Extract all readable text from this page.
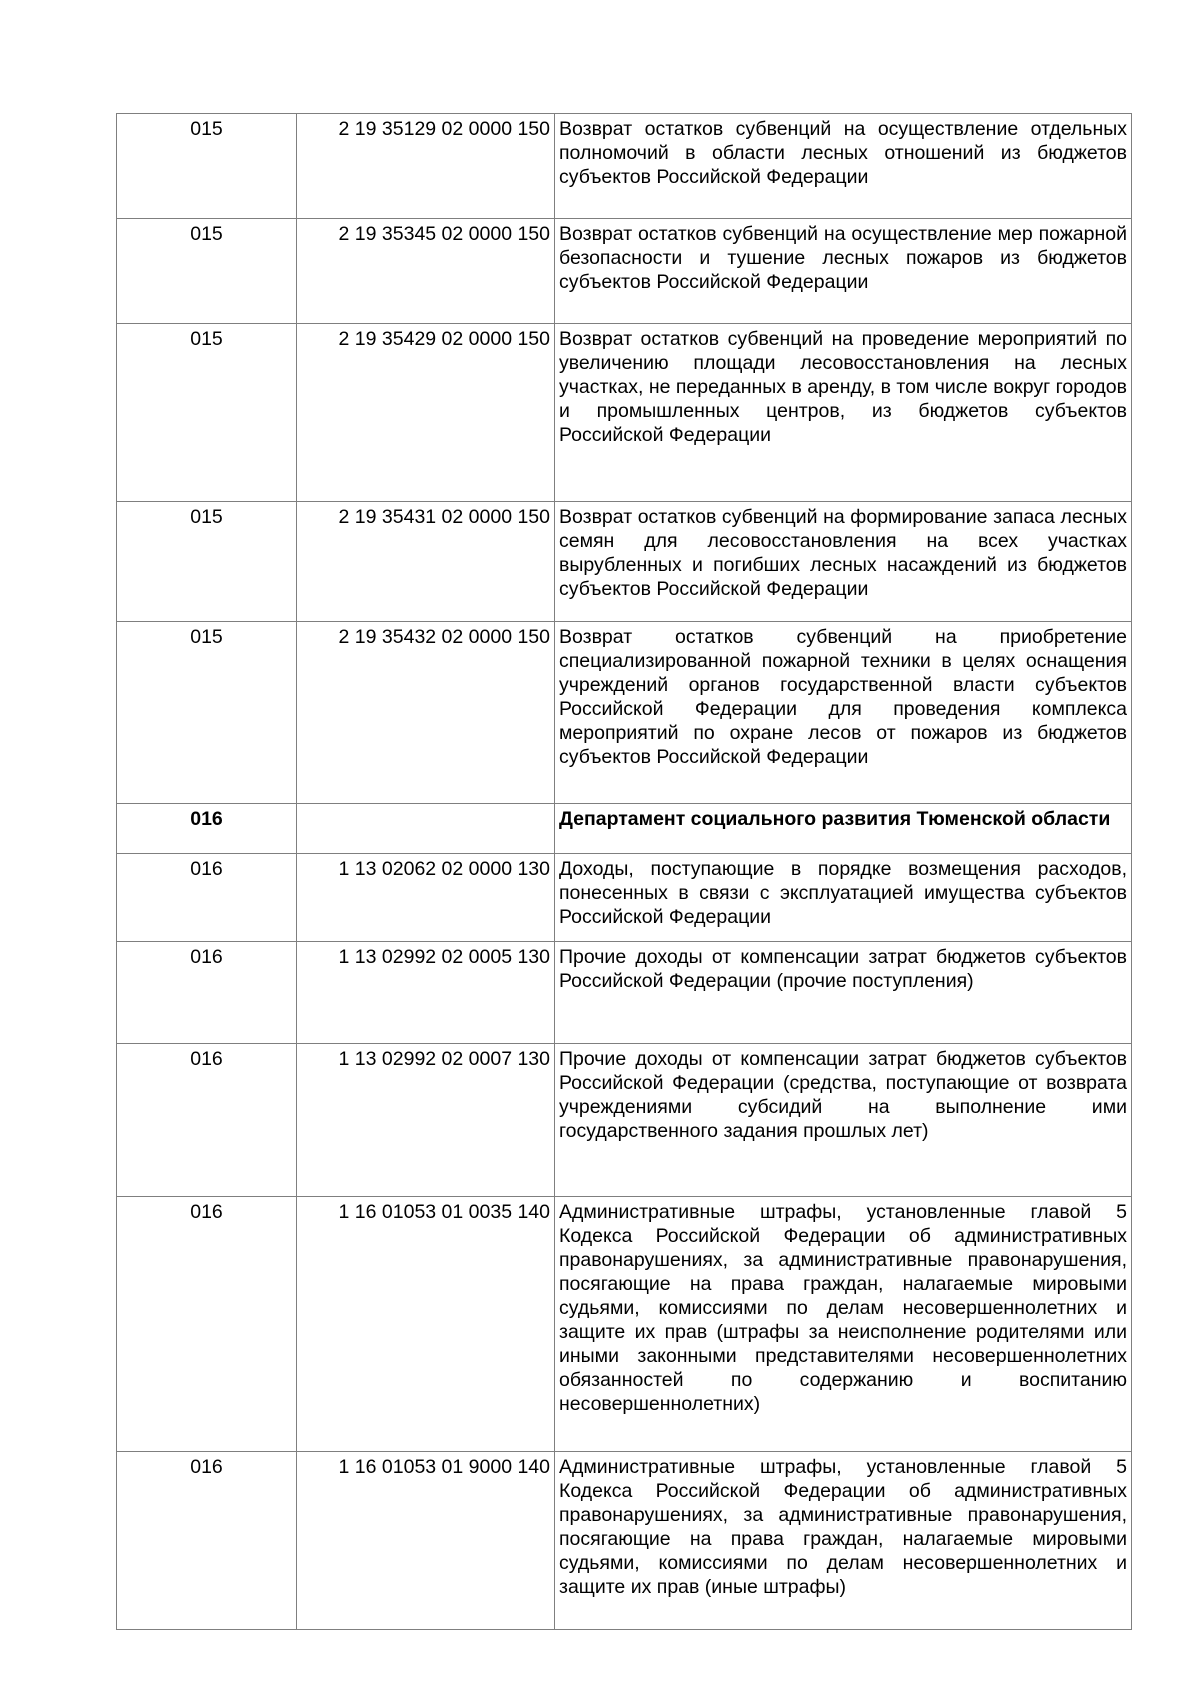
015	2 19 35129 02 0000 150	Возврат остатков субвенций на осуществление отдельных полномочий в области лесных отношений из бюджетов субъектов Российской Федерации
015	2 19 35345 02 0000 150	Возврат остатков субвенций на осуществление мер пожарной безопасности и тушение лесных пожаров из бюджетов субъектов Российской Федерации
015	2 19 35429 02 0000 150	Возврат остатков субвенций на проведение мероприятий по увеличению площади лесовосстановления на лесных участках, не переданных в аренду, в том числе вокруг городов и промышленных центров, из бюджетов субъектов Российской Федерации
015	2 19 35431 02 0000 150	Возврат остатков субвенций на формирование запаса лесных семян для лесовосстановления на всех участках вырубленных и погибших лесных насаждений из бюджетов субъектов Российской Федерации
015	2 19 35432 02 0000 150	Возврат остатков субвенций на приобретение специализированной пожарной техники в целях оснащения учреждений органов государственной власти субъектов Российской Федерации для проведения комплекса мероприятий по охране лесов от пожаров из бюджетов субъектов Российской Федерации
016		Департамент социального развития Тюменской области
016	1 13 02062 02 0000 130	Доходы, поступающие в порядке возмещения расходов, понесенных в связи с эксплуатацией имущества субъектов Российской Федерации
016	1 13 02992 02 0005 130	Прочие доходы от компенсации затрат бюджетов субъектов Российской Федерации (прочие поступления)
016	1 13 02992 02 0007 130	Прочие доходы от компенсации затрат бюджетов субъектов Российской Федерации (средства, поступающие от возврата учреждениями субсидий на выполнение ими государственного задания прошлых лет)
016	1 16 01053 01 0035 140	Административные штрафы, установленные главой 5 Кодекса Российской Федерации об административных правонарушениях, за административные правонарушения, посягающие на права граждан, налагаемые мировыми судьями, комиссиями по делам несовершеннолетних и защите их прав (штрафы за неисполнение родителями или иными законными представителями несовершеннолетних обязанностей по содержанию и воспитанию несовершеннолетних)
016	1 16 01053 01 9000 140	Административные штрафы, установленные главой 5 Кодекса Российской Федерации об административных правонарушениях, за административные правонарушения, посягающие на права граждан, налагаемые мировыми судьями, комиссиями по делам несовершеннолетних и защите их прав (иные штрафы)
